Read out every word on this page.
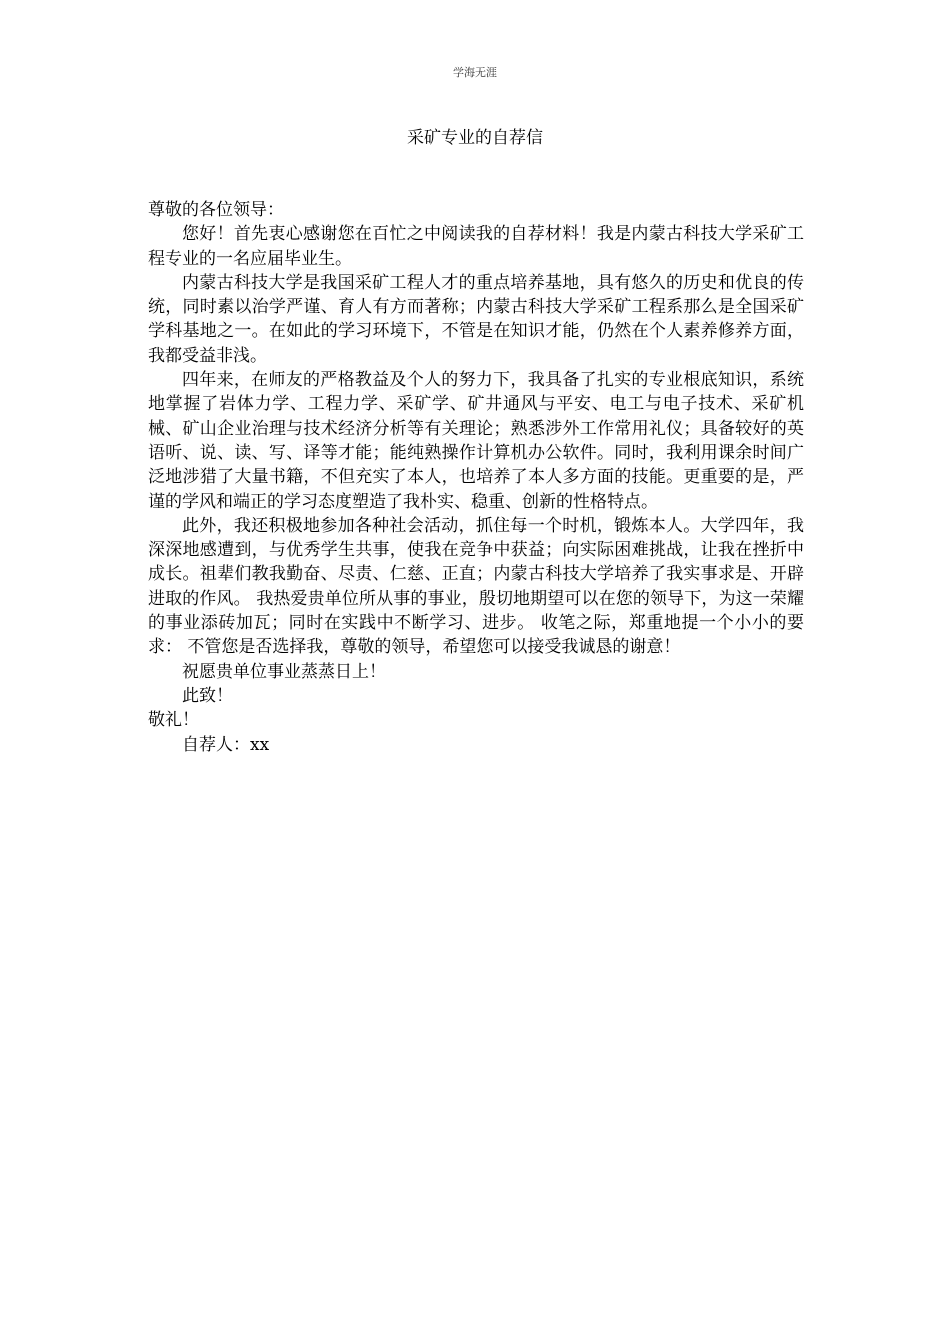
学海无涯
采矿专业的自荐信

尊敬的各位领导：

您好！首先衷心感谢您在百忙之中阅读我的自荐材料！我是内蒙古科技大学采矿工程专业的一名应届毕业生。

内蒙古科技大学是我国采矿工程人才的重点培养基地，具有悠久的历史和优良的传统，同时素以治学严谨、育人有方而著称；内蒙古科技大学采矿工程系那么是全国采矿学科基地之一。在如此的学习环境下，不管是在知识才能，仍然在个人素养修养方面，我都受益非浅。

四年来，在师友的严格教益及个人的努力下，我具备了扎实的专业根底知识，系统地掌握了岩体力学、工程力学、采矿学、矿井通风与平安、电工与电子技术、采矿机械、矿山企业治理与技术经济分析等有关理论；熟悉涉外工作常用礼仪；具备较好的英语听、说、读、写、译等才能；能纯熟操作计算机办公软件。同时，我利用课余时间广泛地涉猎了大量书籍，不但充实了本人，也培养了本人多方面的技能。更重要的是，严谨的学风和端正的学习态度塑造了我朴实、稳重、创新的性格特点。

此外，我还积极地参加各种社会活动，抓住每一个时机，锻炼本人。大学四年，我深深地感遭到，与优秀学生共事，使我在竞争中获益；向实际困难挑战，让我在挫折中成长。祖辈们教我勤奋、尽责、仁慈、正直；内蒙古科技大学培养了我实事求是、开辟进取的作风。 我热爱贵单位所从事的事业，殷切地期望可以在您的领导下，为这一荣耀的事业添砖加瓦；同时在实践中不断学习、进步。 收笔之际，郑重地提一个小小的要求： 不管您是否选择我，尊敬的领导，希望您可以接受我诚恳的谢意！

祝愿贵单位事业蒸蒸日上！

此致！

敬礼！

自荐人：xx
